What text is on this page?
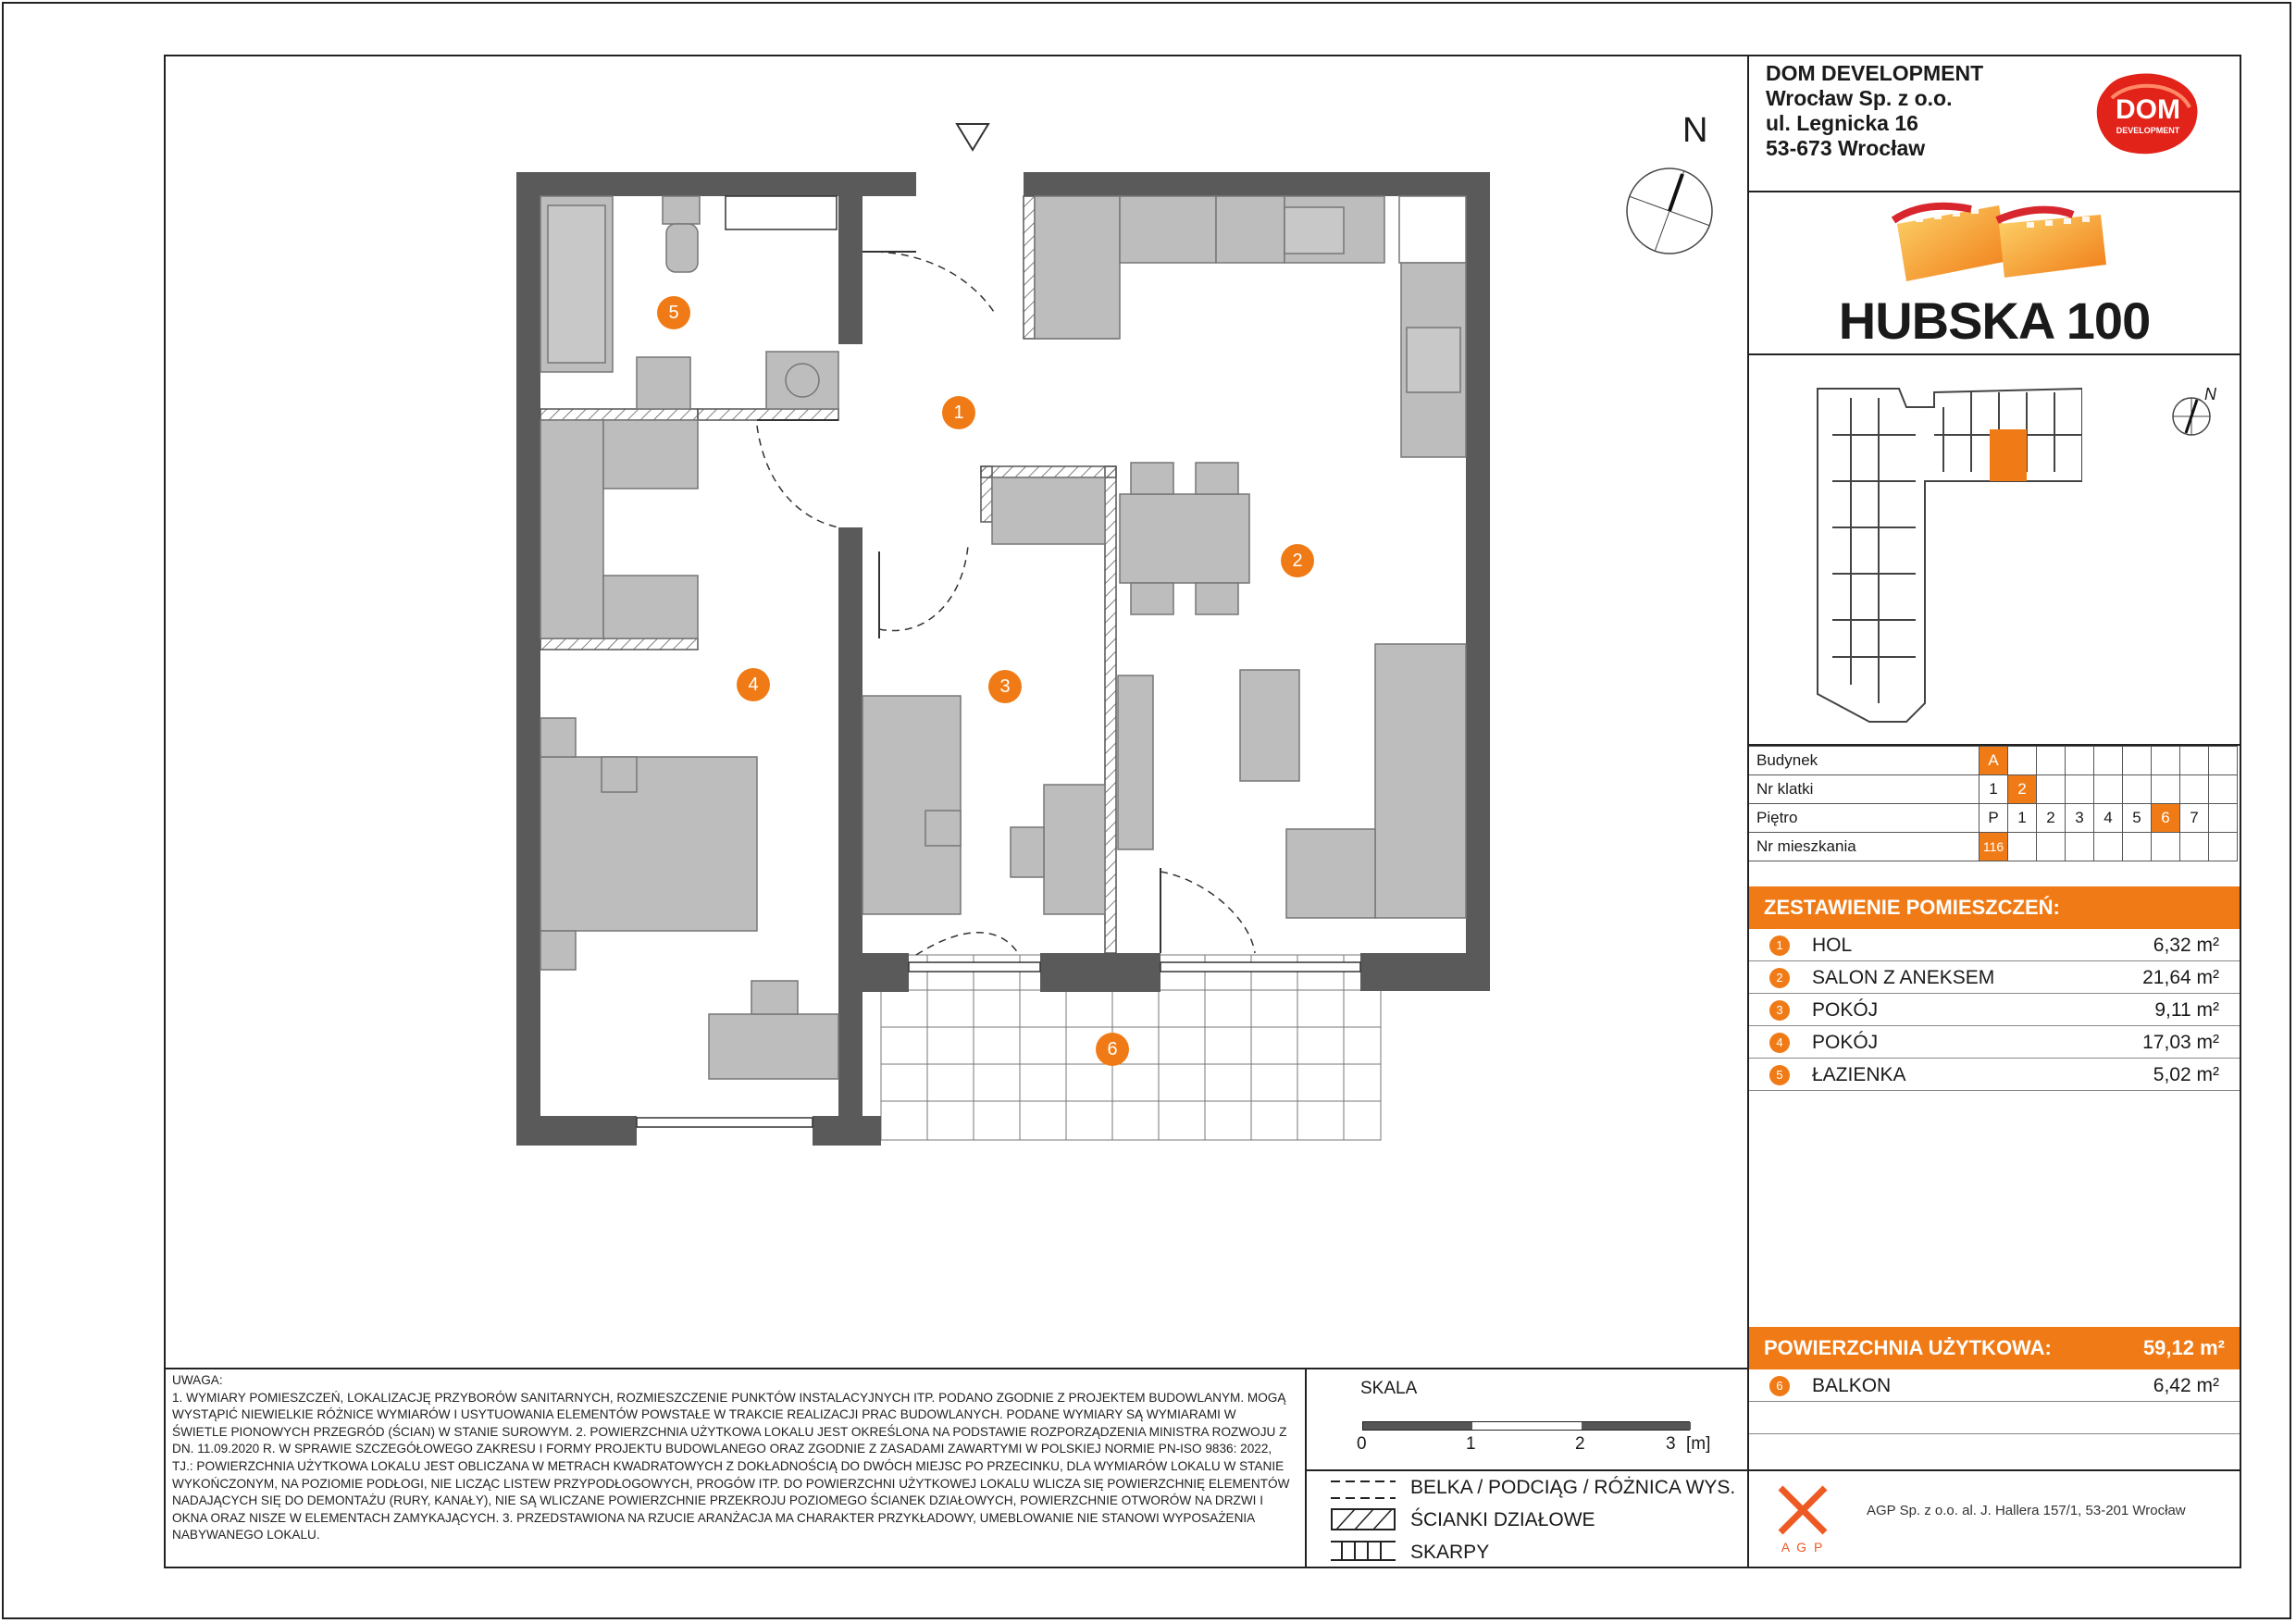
DOM DEVELOPMENT
Wrocław Sp. z o.o.
ul. Legnicka 16
53-673 Wrocław
DOM
DEVELOPMENT
HUBSKA 100
N
Budynek	A								
Nr klatki	1	2							
Piętro	P	1	2	3	4	5	6	7	
Nr mieszkania	116								
ZESTAWIENIE POMIESZCZEŃ:
1	HOL	6,32 m²
2	SALON Z ANEKSEM	21,64 m²
3	POKÓJ	9,11 m²
4	POKÓJ	17,03 m²
5	ŁAZIENKA	5,02 m²
POWIERZCHNIA UŻYTKOWA:	59,12 m²
6	BALKON	6,42 m²
A G P
AGP Sp. z o.o. al. J. Hallera 157/1, 53-201 Wrocław
UWAGA:
1. WYMIARY POMIESZCZEŃ, LOKALIZACJĘ PRZYBORÓW SANITARNYCH, ROZMIESZCZENIE PUNKTÓW INSTALACYJNYCH ITP. PODANO ZGODNIE Z PROJEKTEM BUDOWLANYM. MOGĄ WYSTĄPIĆ NIEWIELKIE RÓŻNICE WYMIARÓW I USYTUOWANIA ELEMENTÓW POWSTAŁE W TRAKCIE REALIZACJI PRAC BUDOWLANYCH. PODANE WYMIARY SĄ WYMIARAMI W ŚWIETLE PIONOWYCH PRZEGRÓD (ŚCIAN) W STANIE SUROWYM. 2. POWIERZCHNIA UŻYTKOWA LOKALU JEST OKREŚLONA NA PODSTAWIE ROZPORZĄDZENIA MINISTRA ROZWOJU Z DN. 11.09.2020 R. W SPRAWIE SZCZEGÓŁOWEGO ZAKRESU I FORMY PROJEKTU BUDOWLANEGO ORAZ ZGODNIE Z ZASADAMI ZAWARTYMI W POLSKIEJ NORMIE PN-ISO 9836: 2022, TJ.: POWIERZCHNIA UŻYTKOWA LOKALU JEST OBLICZANA W METRACH KWADRATOWYCH Z DOKŁADNOŚCIĄ DO DWÓCH MIEJSC PO PRZECINKU, DLA WYMIARÓW LOKALU W STANIE WYKOŃCZONYM, NA POZIOMIE PODŁOGI, NIE LICZĄC LISTEW PRZYPODŁOGOWYCH, PROGÓW ITP. DO POWIERZCHNI UŻYTKOWEJ LOKALU WLICZA SIĘ POWIERZCHNIĘ ELEMENTÓW NADAJĄCYCH SIĘ DO DEMONTAŻU (RURY, KANAŁY), NIE SĄ WLICZANE POWIERZCHNIE PRZEKROJU POZIOMEGO ŚCIANEK DZIAŁOWYCH, POWIERZCHNIE OTWORÓW NA DRZWI I OKNA ORAZ NISZE W ELEMENTACH ZAMYKAJĄCYCH. 3. PRZEDSTAWIONA NA RZUCIE ARANŻACJA MA CHARAKTER PRZYKŁADOWY, UMEBLOWANIE NIE STANOWI WYPOSAŻENIA NABYWANEGO LOKALU.
SKALA
0	1	2	3 [m]
BELKA / PODCIĄG / RÓŻNICA WYS.
ŚCIANKI DZIAŁOWE
SKARPY
N
1
2
3
4
5
6
